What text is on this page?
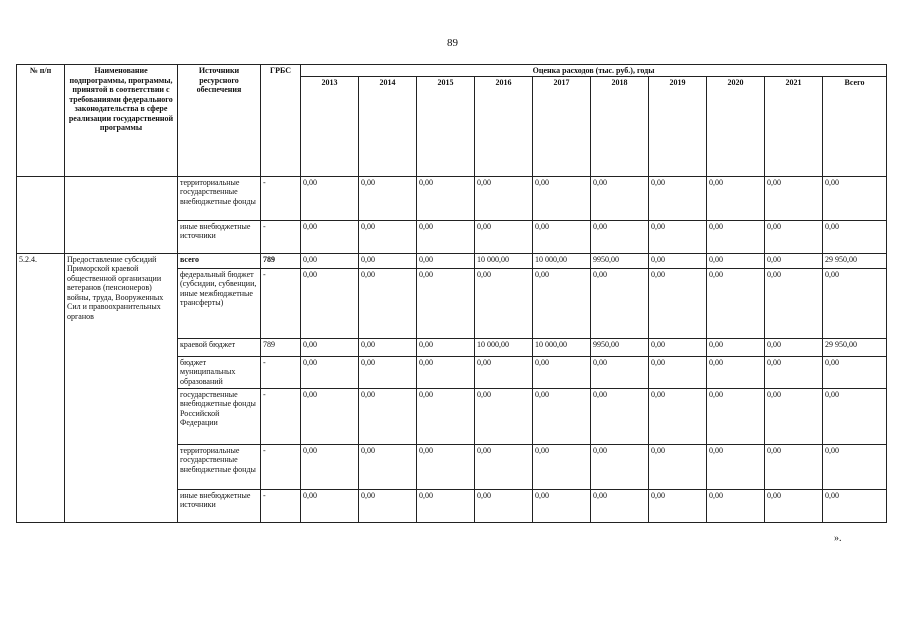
89
№ п/п	Наименование подпрограммы, программы, принятой в соответствии с требованиями федерального законодательства в сфере реализации государственной программы	Источники ресурсного обеспечения	ГРБС	Оценка расходов (тыс. руб.), годы									
				2013	2014	2015	2016	2017	2018	2019	2020	2021	Всего
		территориальные государственные внебюджетные фонды	-	0,00	0,00	0,00	0,00	0,00	0,00	0,00	0,00	0,00	0,00
		иные внебюджетные источники	-	0,00	0,00	0,00	0,00	0,00	0,00	0,00	0,00	0,00	0,00
5.2.4.	Предоставление субсидий Приморской краевой общественной организации ветеранов (пенсионеров) войны, труда, Вооруженных Сил и правоохранительных органов	всего	789	0,00	0,00	0,00	10 000,00	10 000,00	9950,00	0,00	0,00	0,00	29 950,00
		федеральный бюджет (субсидии, субвенции, иные межбюджетные трансферты)	-	0,00	0,00	0,00	0,00	0,00	0,00	0,00	0,00	0,00	0,00
		краевой бюджет	789	0,00	0,00	0,00	10 000,00	10 000,00	9950,00	0,00	0,00	0,00	29 950,00
		бюджет муниципальных образований	-	0,00	0,00	0,00	0,00	0,00	0,00	0,00	0,00	0,00	0,00
		государственные внебюджетные фонды Российской Федерации	-	0,00	0,00	0,00	0,00	0,00	0,00	0,00	0,00	0,00	0,00
		территориальные государственные внебюджетные фонды	-	0,00	0,00	0,00	0,00	0,00	0,00	0,00	0,00	0,00	0,00
		иные внебюджетные источники	-	0,00	0,00	0,00	0,00	0,00	0,00	0,00	0,00	0,00	0,00
».
